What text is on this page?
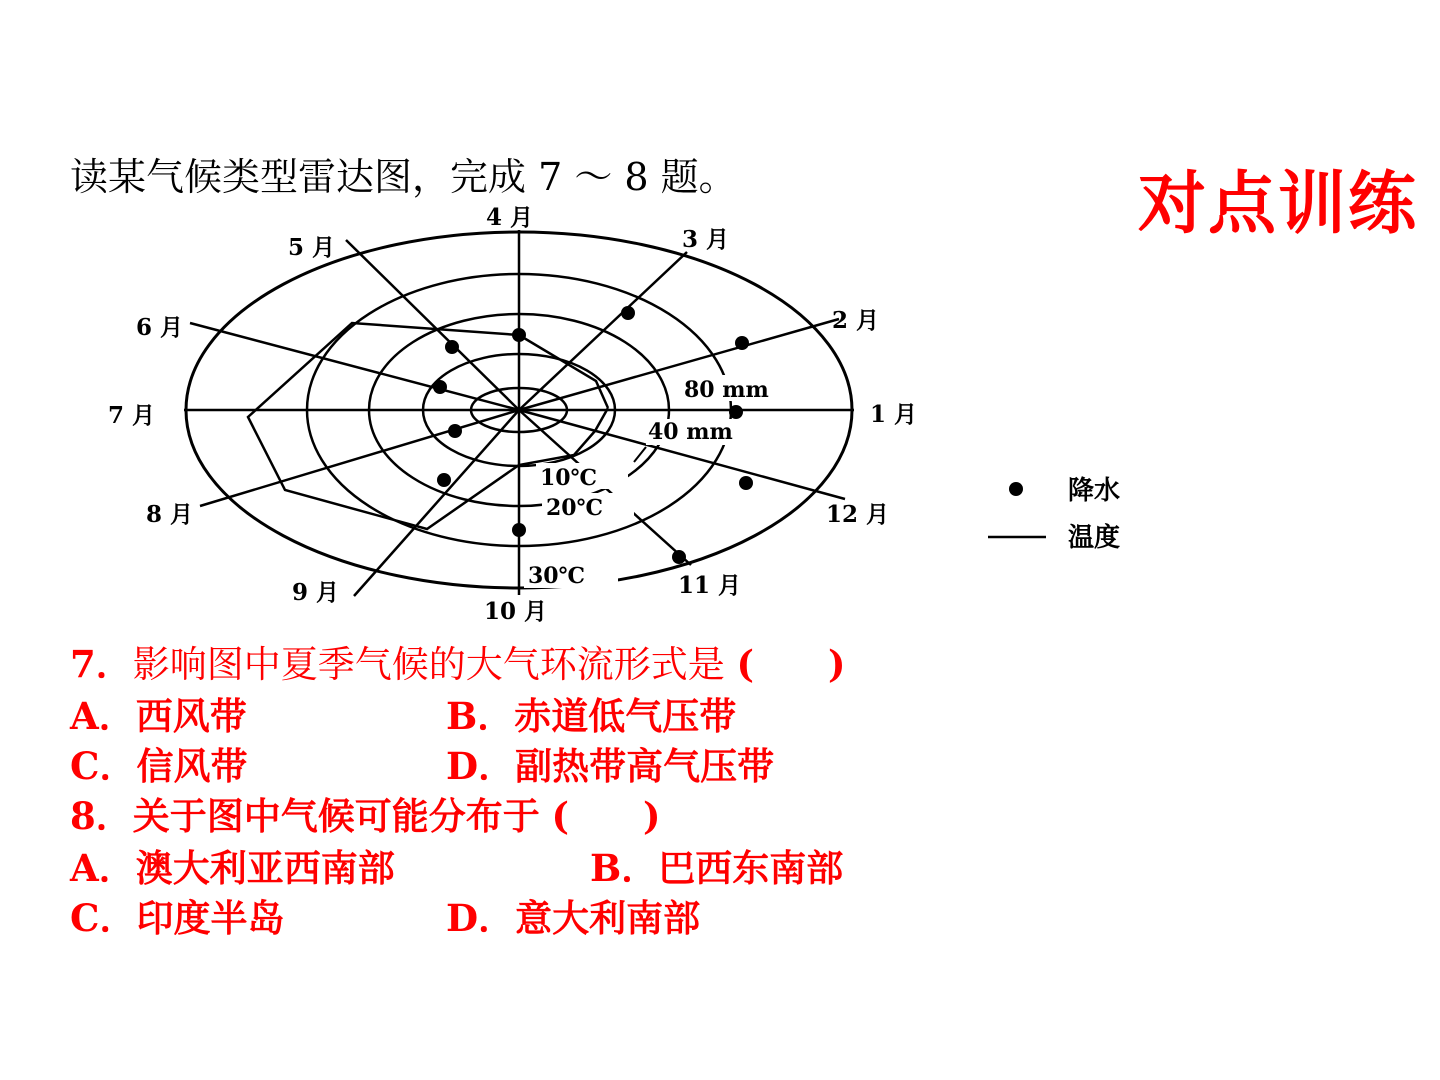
对点训练
读某气候类型雷达图，完成 7 ～ 8 题。
1 月
2 月
3 月
4 月
5 月
6 月
7 月
8 月
9 月
10 月
11 月
12 月
80 mm
40 mm
10℃
20℃
30℃
降水
温度
7．影响图中夏季气候的大气环流形式是 (　　)
A．西风带	B．赤道低气压带
C．信风带	D．副热带高气压带
8．关于图中气候可能分布于 (　　)
A．澳大利亚西南部	B．巴西东南部
C．印度半岛	D．意大利南部
